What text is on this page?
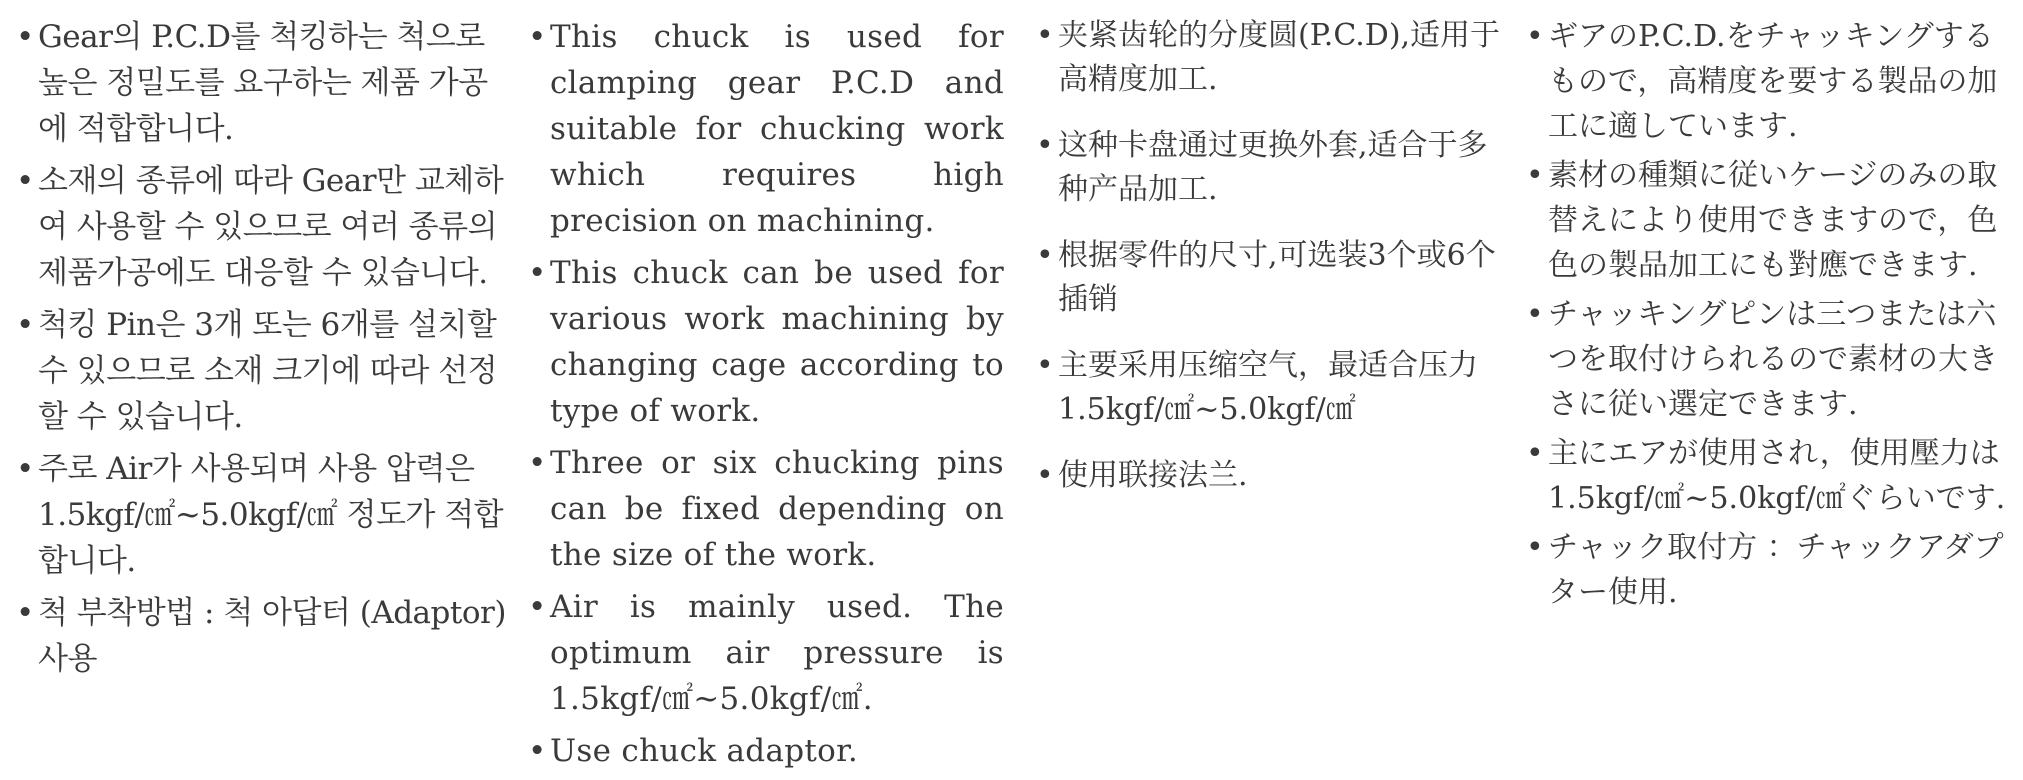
• Gear의 P.C.D를 척킹하는 척으로 높은 정밀도를 요구하는 제품 가공에 적합합니다.
• 소재의 종류에 따라 Gear만 교체하여 사용할 수 있으므로 여러 종류의 제품가공에도 대응할 수 있습니다.
• 척킹 Pin은 3개 또는 6개를 설치할 수 있으므로 소재 크기에 따라 선정할 수 있습니다.
• 주로 Air가 사용되며 사용 압력은 1.5kgf/㎠~5.0kgf/㎠ 정도가 적합합니다.
• 척 부착방법 : 척 아답터 (Adaptor)사용
• This chuck is used for clamping gear P.C.D and suitable for chucking work which requires high precision on machining.
• This chuck can be used for various work machining by changing cage according to type of work.
• Three or six chucking pins can be fixed depending on the size of the work.
• Air is mainly used. The optimum air pressure is 1.5kgf/㎠~5.0kgf/㎠.
• Use chuck adaptor.
• 夹紧齿轮的分度圆(P.C.D),适用于高精度加工.
• 这种卡盘通过更换外套,适合于多种产品加工.
• 根据零件的尺寸,可选装3个或6个插销
• 主要采用压缩空气，最适合压力1.5kgf/㎠~5.0kgf/㎠
• 使用联接法兰.
• ギアのP.C.D.をチャッキングするもので，高精度を要する製品の加工に適しています.
• 素材の種類に従いケージのみの取替えにより使用できますので，色色の製品加工にも對應できます.
• チャッキングピンは三つまたは六つを取付けられるので素材の大きさに従い選定できます.
• 主にエアが使用され，使用壓力は1.5kgf/㎠~5.0kgf/㎠ぐらいです.
• チャック取付方 ：チャックアダプター使用.
